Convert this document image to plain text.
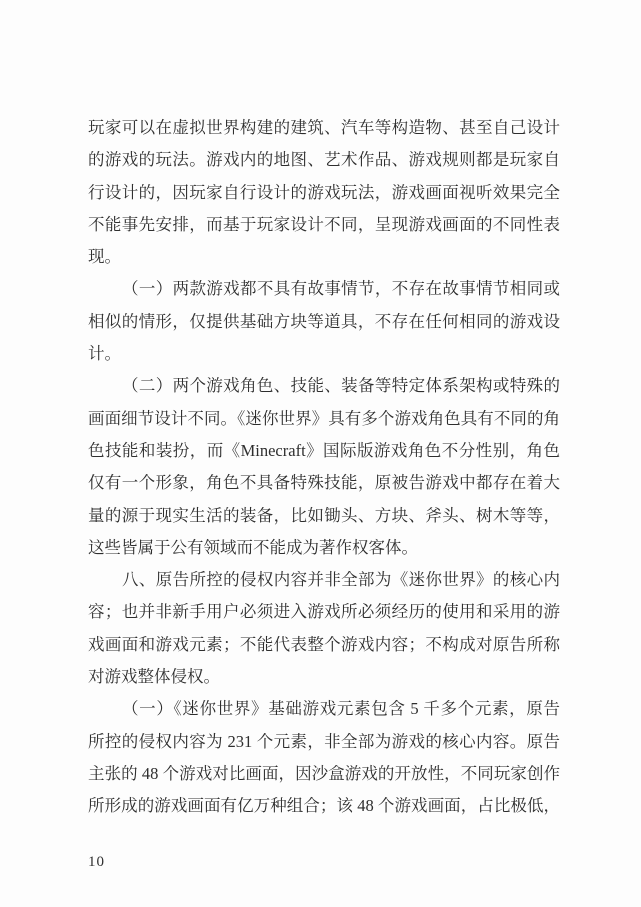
玩家可以在虚拟世界构建的建筑、汽车等构造物、甚至自己设计
的游戏的玩法。游戏内的地图、艺术作品、游戏规则都是玩家自
行设计的，因玩家自行设计的游戏玩法，游戏画面视听效果完全
不能事先安排，而基于玩家设计不同，呈现游戏画面的不同性表
现。
（一）两款游戏都不具有故事情节，不存在故事情节相同或
相似的情形，仅提供基础方块等道具，不存在任何相同的游戏设
计。
（二）两个游戏角色、技能、装备等特定体系架构或特殊的
画面细节设计不同。《迷你世界》具有多个游戏角色具有不同的角
色技能和装扮，而《Minecraft》国际版游戏角色不分性别，角色
仅有一个形象，角色不具备特殊技能，原被告游戏中都存在着大
量的源于现实生活的装备，比如锄头、方块、斧头、树木等等，
这些皆属于公有领域而不能成为著作权客体。
八、原告所控的侵权内容并非全部为《迷你世界》的核心内
容；也并非新手用户必须进入游戏所必须经历的使用和采用的游
戏画面和游戏元素；不能代表整个游戏内容；不构成对原告所称
对游戏整体侵权。
（一）《迷你世界》基础游戏元素包含 5 千多个元素，原告
所控的侵权内容为 231 个元素，非全部为游戏的核心内容。原告
主张的 48 个游戏对比画面，因沙盒游戏的开放性，不同玩家创作
所形成的游戏画面有亿万种组合；该 48 个游戏画面，占比极低，
10
